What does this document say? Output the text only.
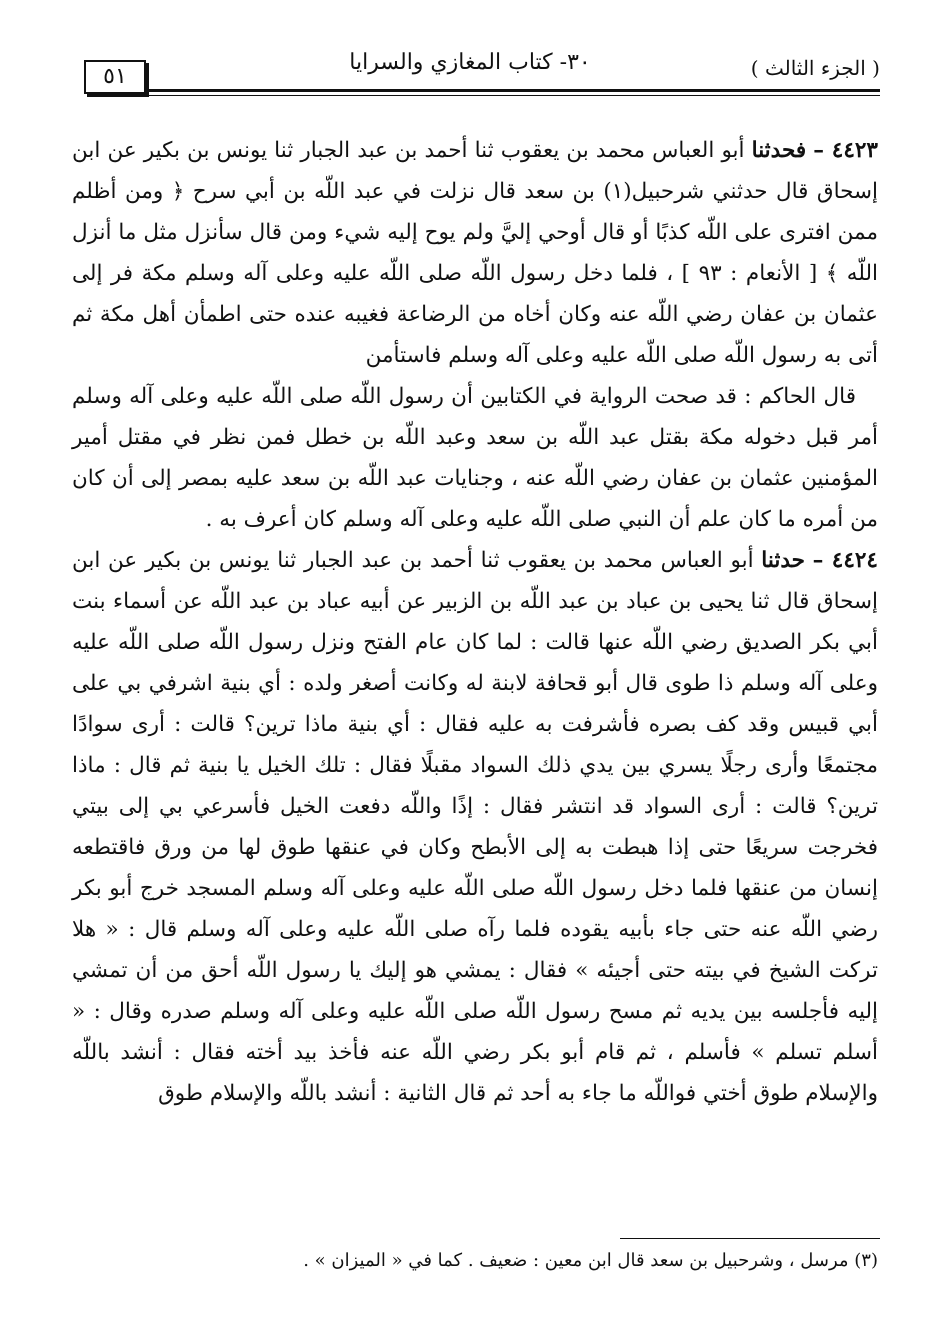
٥١
٣٠- كتاب المغازي والسرايا	( الجزء الثالث )

٤٤٢٣ – فحدثنا أبو العباس محمد بن يعقوب ثنا أحمد بن عبد الجبار ثنا يونس بن بكير عن ابن إسحاق قال حدثني شرحبيل(١) بن سعد قال نزلت في عبد اللّه بن أبي سرح ﴿ ومن أظلم ممن افترى على اللّه كذبًا أو قال أوحي إليَّ ولم يوح إليه شيء ومن قال سأنزل مثل ما أنزل اللّه ﴾ [ الأنعام : ٩٣ ] ، فلما دخل رسول اللّه صلى اللّه عليه وعلى آله وسلم مكة فر إلى عثمان بن عفان رضي اللّه عنه وكان أخاه من الرضاعة فغيبه عنده حتى اطمأن أهل مكة ثم أتى به رسول اللّه صلى اللّه عليه وعلى آله وسلم فاستأمن

قال الحاكم : قد صحت الرواية في الكتابين أن رسول اللّه صلى اللّه عليه وعلى آله وسلم أمر قبل دخوله مكة بقتل عبد اللّه بن سعد وعبد اللّه بن خطل فمن نظر في مقتل أمير المؤمنين عثمان بن عفان رضي اللّه عنه ، وجنايات عبد اللّه بن سعد عليه بمصر إلى أن كان من أمره ما كان علم أن النبي صلى اللّه عليه وعلى آله وسلم كان أعرف به .

٤٤٢٤ – حدثنا أبو العباس محمد بن يعقوب ثنا أحمد بن عبد الجبار ثنا يونس بن بكير عن ابن إسحاق قال ثنا يحيى بن عباد بن عبد اللّه بن الزبير عن أبيه عباد بن عبد اللّه عن أسماء بنت أبي بكر الصديق رضي اللّه عنها قالت : لما كان عام الفتح ونزل رسول اللّه صلى اللّه عليه وعلى آله وسلم ذا طوى قال أبو قحافة لابنة له وكانت أصغر ولده : أي بنية اشرفي بي على أبي قبيس وقد كف بصره فأشرفت به عليه فقال : أي بنية ماذا ترين؟ قالت : أرى سوادًا مجتمعًا وأرى رجلًا يسري بين يدي ذلك السواد مقبلًا فقال : تلك الخيل يا بنية ثم قال : ماذا ترين؟ قالت : أرى السواد قد انتشر فقال : إذًا واللّه دفعت الخيل فأسرعي بي إلى بيتي فخرجت سريعًا حتى إذا هبطت به إلى الأبطح وكان في عنقها طوق لها من ورق فاقتطعه إنسان من عنقها فلما دخل رسول اللّه صلى اللّه عليه وعلى آله وسلم المسجد خرج أبو بكر رضي اللّه عنه حتى جاء بأبيه يقوده فلما رآه صلى اللّه عليه وعلى آله وسلم قال : « هلا تركت الشيخ في بيته حتى أجيئه » فقال : يمشي هو إليك يا رسول اللّه أحق من أن تمشي إليه فأجلسه بين يديه ثم مسح رسول اللّه صلى اللّه عليه وعلى آله وسلم صدره وقال : « أسلم تسلم » فأسلم ، ثم قام أبو بكر رضي اللّه عنه فأخذ بيد أخته فقال : أنشد باللّه والإسلام طوق أختي فواللّه ما جاء به أحد ثم قال الثانية : أنشد باللّه والإسلام طوق

(٣) مرسل ، وشرحبيل بن سعد قال ابن معين : ضعيف . كما في « الميزان » .
